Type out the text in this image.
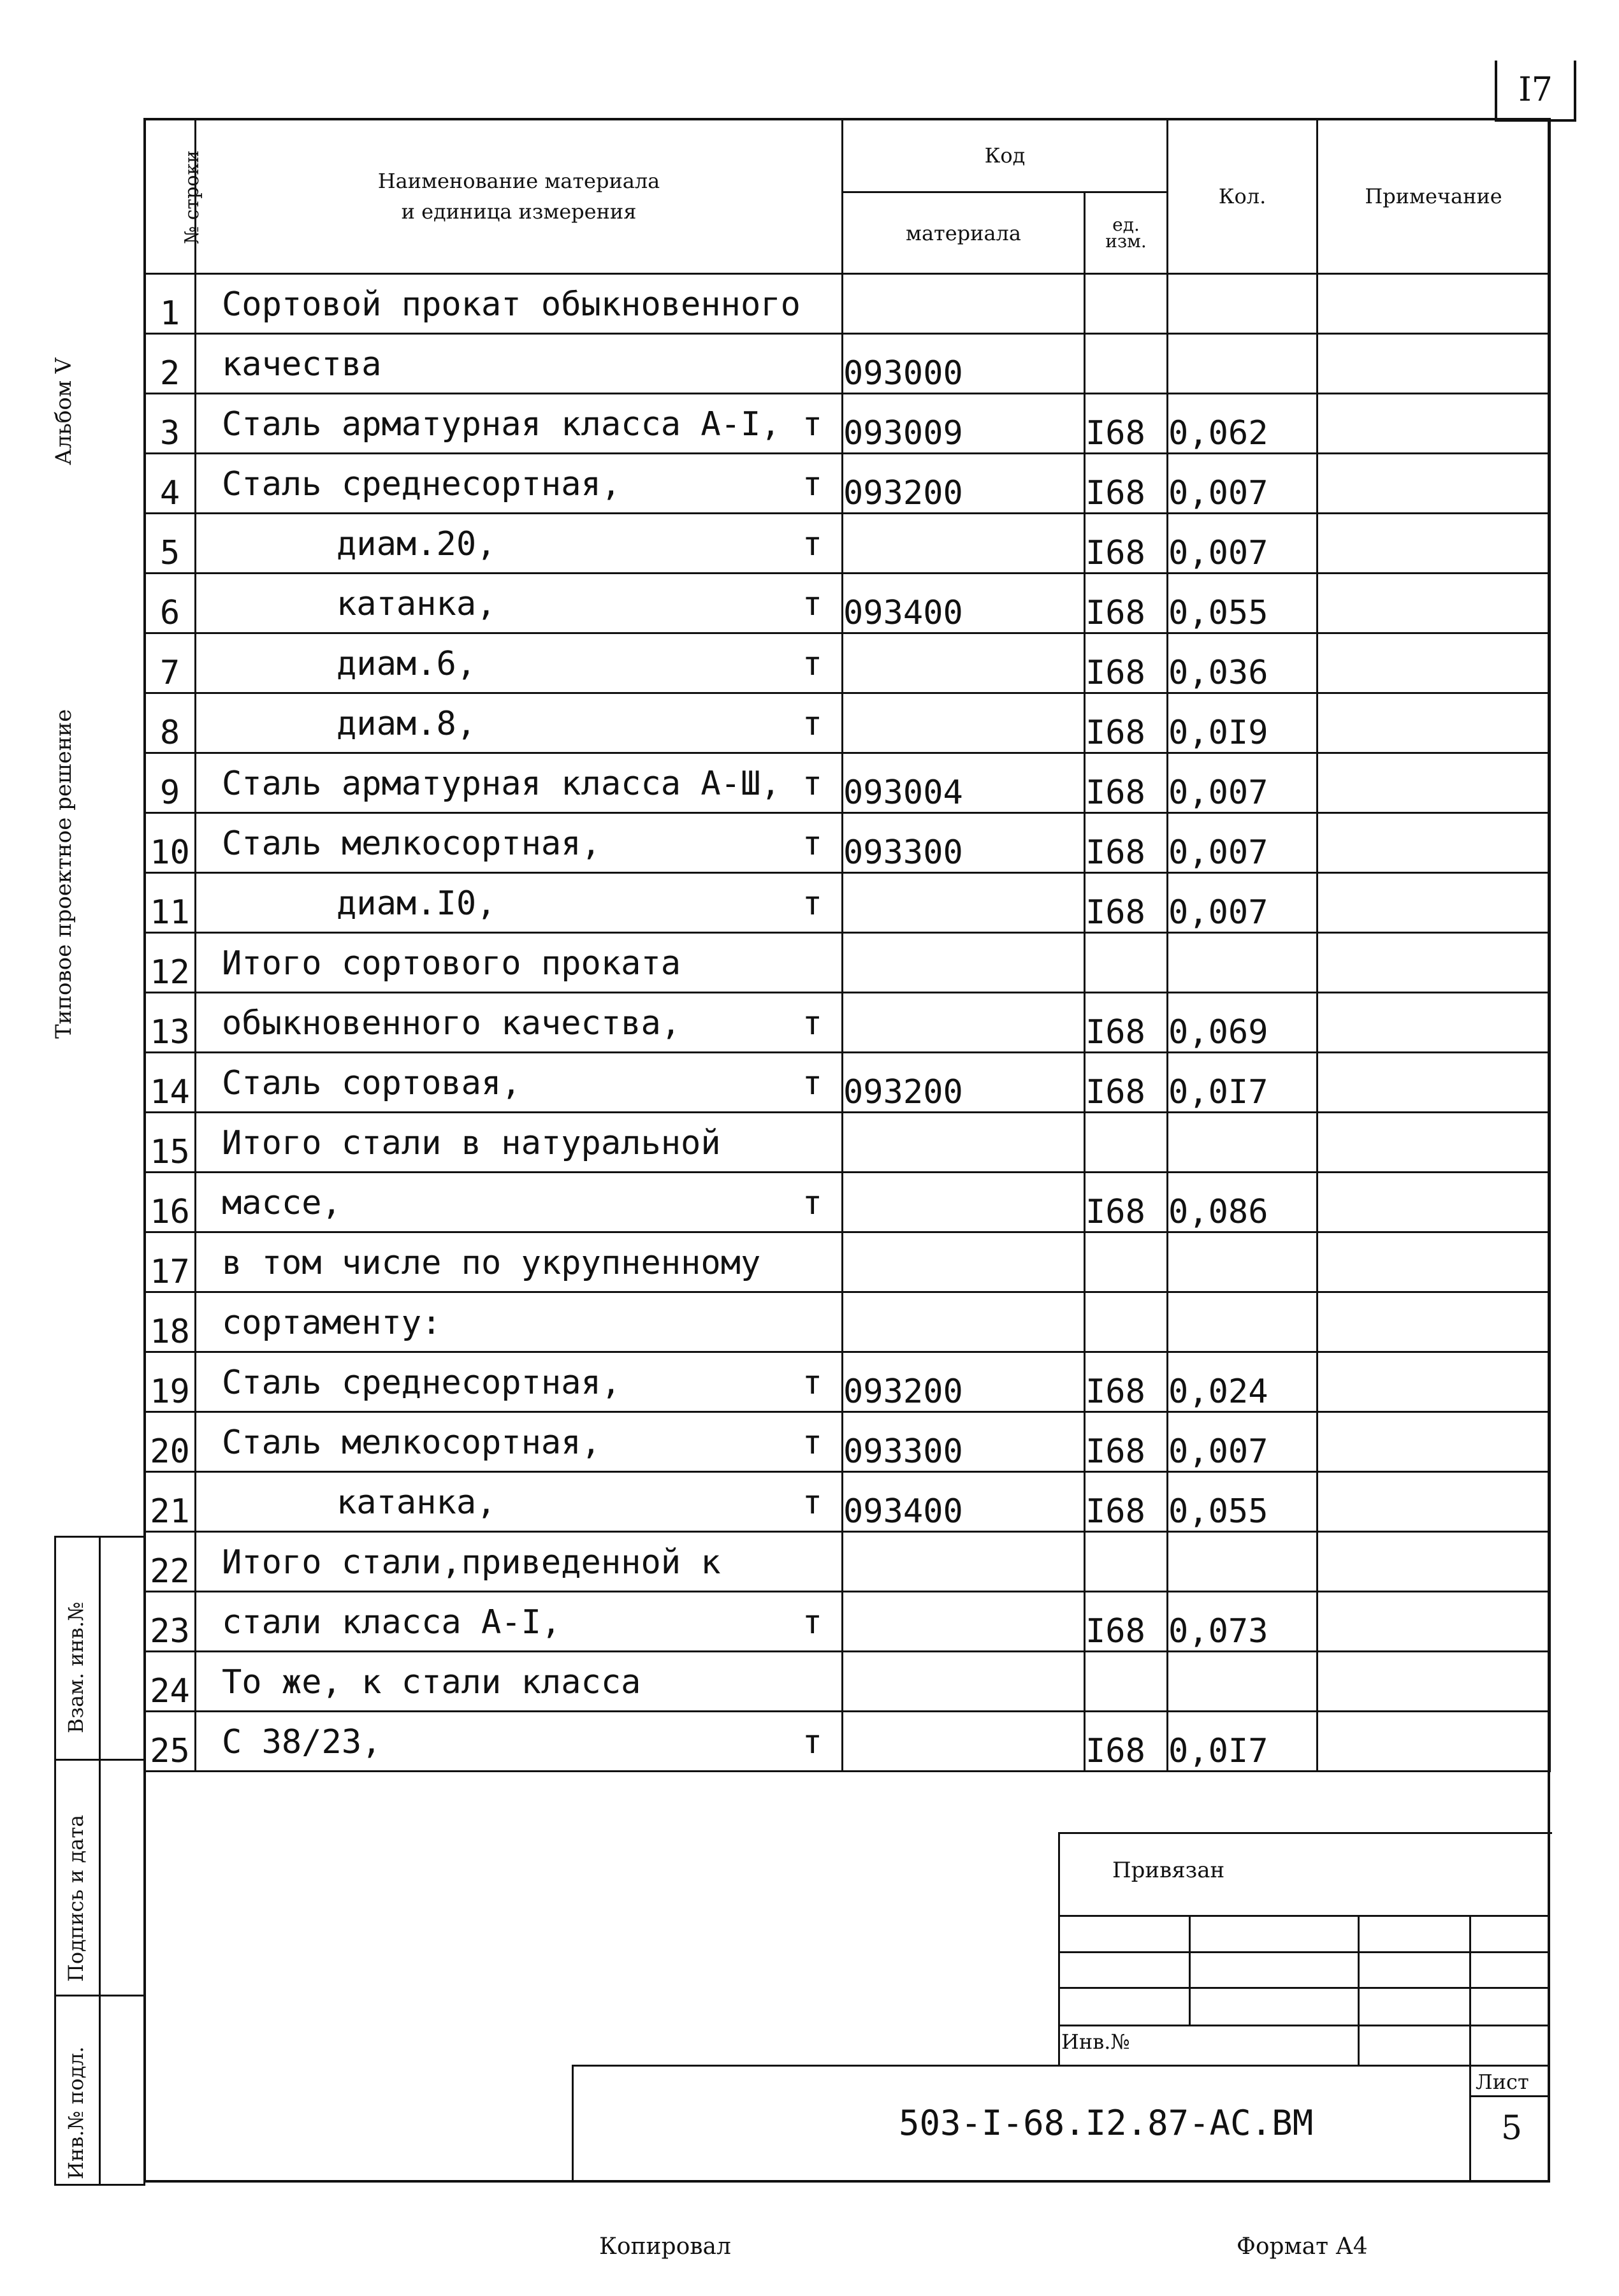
I7
Альбом V
Типовое проектное решение
Взам. инв.№
Подпись и дата
Инв.№ подл.
№ строки	Наименование материала
и единица измерения	Код		Кол.	Примечание
		материала	ед.
изм.		

1	Сортовой прокат обыкновенного				

2	качества	093000			
3	Сталь арматурная класса А-I, т	093009	I68	0,062	
4	Сталь среднесортная, т	093200	I68	0,007	
5	диам.20, т		I68	0,007	
6	катанка, т	093400	I68	0,055	
7	диам.6, т		I68	0,036	
8	диам.8, т		I68	0,0I9	
9	Сталь арматурная класса А-Ш, т	093004	I68	0,007	
10	Сталь мелкосортная, т	093300	I68	0,007	
11	диам.I0, т		I68	0,007	
12	Итого сортового проката				

13	обыкновенного качества, т		I68	0,069	
14	Сталь сортовая, т	093200	I68	0,0I7	
15	Итого стали в натуральной				

16	массе, т		I68	0,086	
17	в том числе по укрупненному				

18	сортаменту:				

19	Сталь среднесортная, т	093200	I68	0,024	
20	Сталь мелкосортная, т	093300	I68	0,007	
21	катанка, т	093400	I68	0,055	
22	Итого стали,приведенной к				

23	стали класса А-I, т		I68	0,073	
24	То же, к стали класса				

25	С 38/23, т		I68	0,0I7	
Привязан
Инв.№
503-I-68.I2.87-АС.ВМ
Лист
5
Копировал	Формат А4
